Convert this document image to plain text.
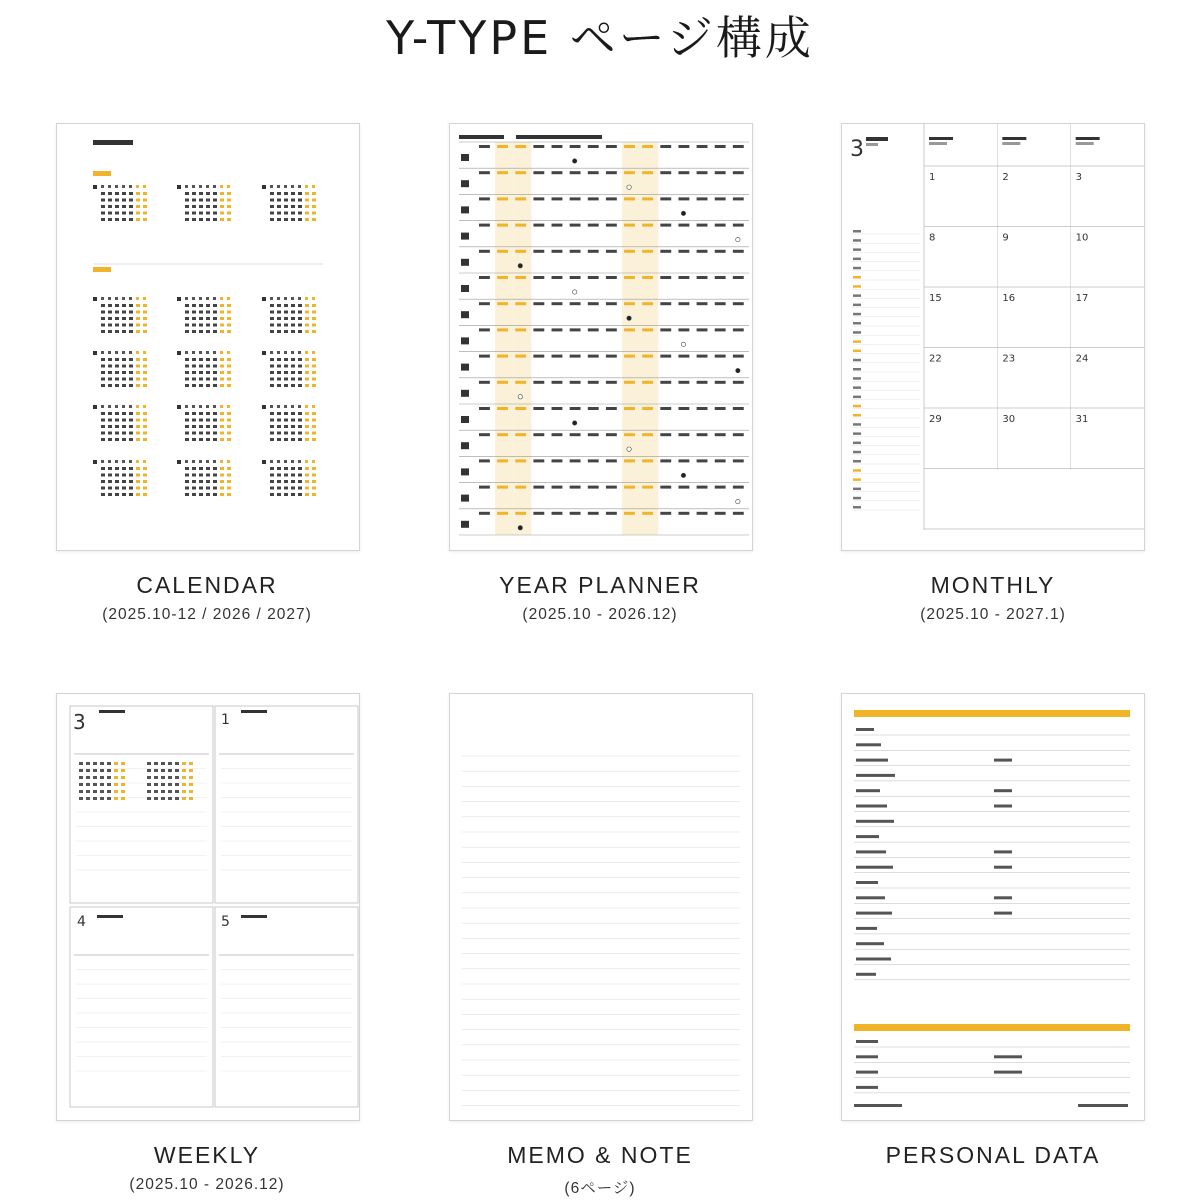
Y-TYPE ページ構成
CALENDAR
(2025.10-12 / 2026 / 2027)
YEAR PLANNER
(2025.10 - 2026.12)
3
1	2	3
8	9	10
15	16	17
22	23	24
29	30	31
MONTHLY
(2025.10 - 2027.1)
3	1
4	5
WEEKLY
(2025.10 - 2026.12)
MEMO & NOTE
(6ページ)
PERSONAL DATA
